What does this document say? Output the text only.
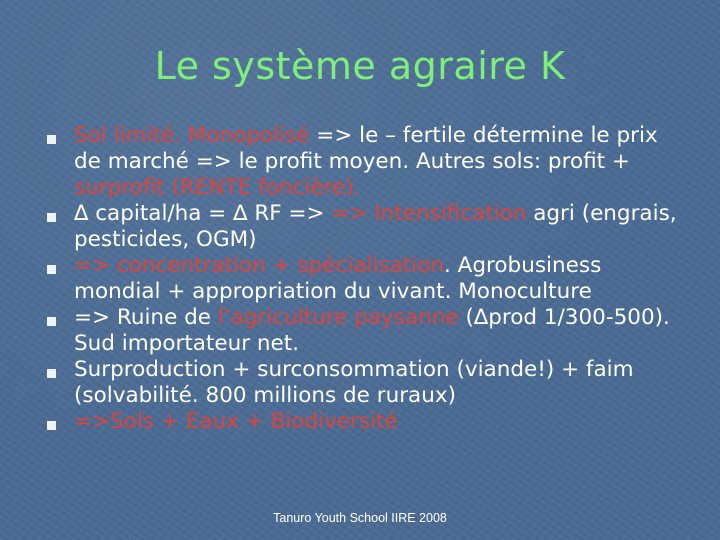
Le système agraire K
Sol limité. Monopolisé => le – fertile détermine le prix de marché => le profit moyen. Autres sols: profit + surprofit (RENTE foncière).
∆ capital/ha = ∆ RF => => Intensification agri (engrais, pesticides, OGM)
=> concentration + spécialisation. Agrobusiness mondial + appropriation du vivant. Monoculture
=> Ruine de l’agriculture paysanne (∆prod 1/300-500). Sud importateur net.
Surproduction + surconsommation (viande!) + faim (solvabilité. 800 millions de ruraux)
=>Sols + Eaux + Biodiversité
Tanuro Youth School IIRE 2008
